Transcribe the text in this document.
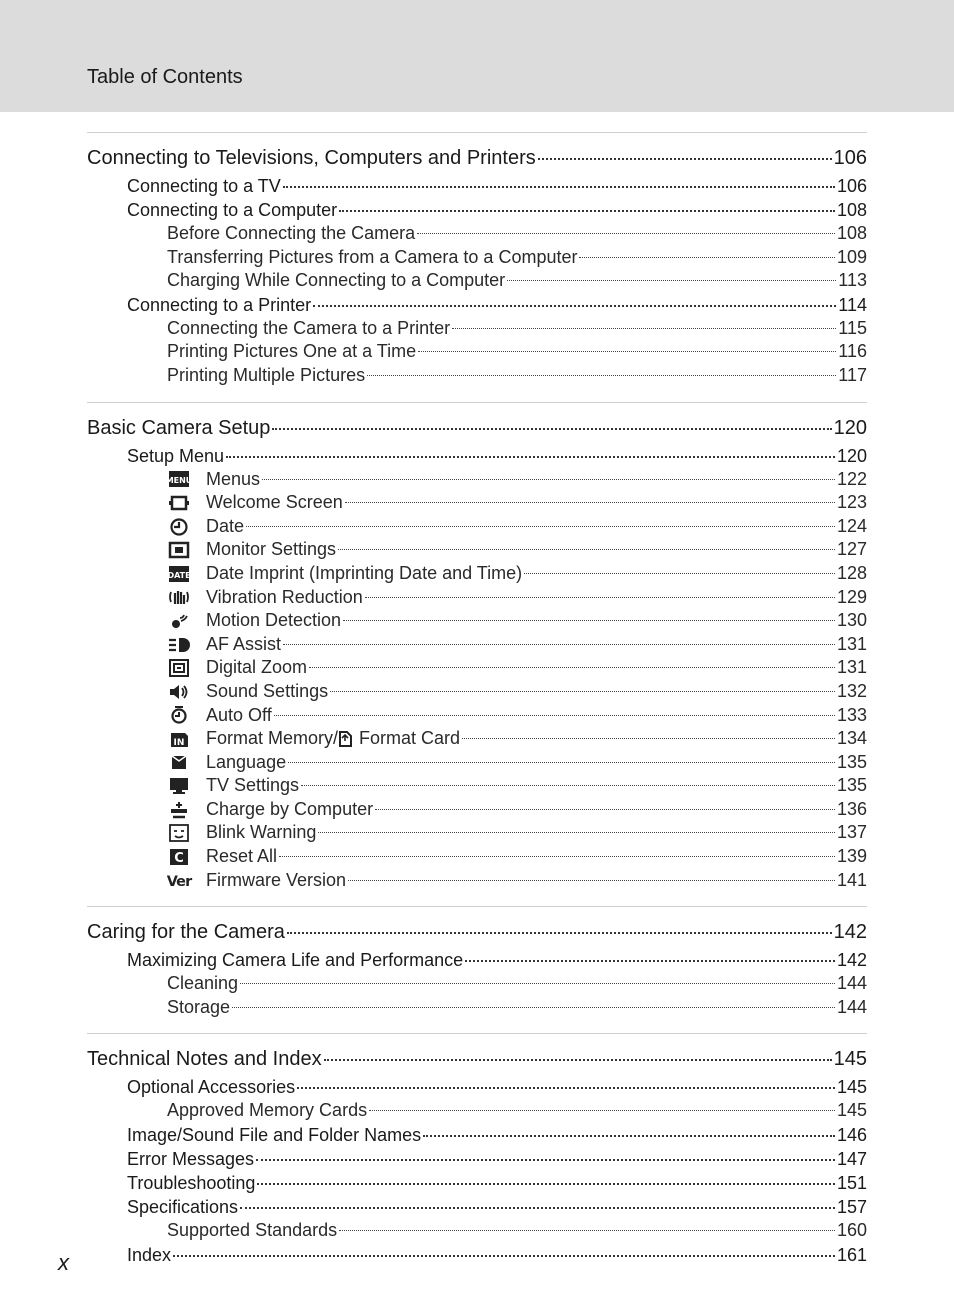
Table of Contents
Connecting to Televisions, Computers and Printers	106
Connecting to a TV	106
Connecting to a Computer	108
Before Connecting the Camera	108
Transferring Pictures from a Camera to a Computer	109
Charging While Connecting to a Computer	113
Connecting to a Printer	114
Connecting the Camera to a Printer	115
Printing Pictures One at a Time	116
Printing Multiple Pictures	117
Basic Camera Setup	120
Setup Menu	120
MENU Menus	122
Welcome Screen	123
Date	124
Monitor Settings	127
DATE Date Imprint (Imprinting Date and Time)	128
Vibration Reduction	129
Motion Detection	130
AF Assist	131
Digital Zoom	131
Sound Settings	132
Auto Off	133
IN Format Memory/ Format Card	134
Language	135
TV Settings	135
Charge by Computer	136
Blink Warning	137
C Reset All	139
Ver Firmware Version	141
Caring for the Camera	142
Maximizing Camera Life and Performance	142
Cleaning	144
Storage	144
Technical Notes and Index	145
Optional Accessories	145
Approved Memory Cards	145
Image/Sound File and Folder Names	146
Error Messages	147
Troubleshooting	151
Specifications	157
Supported Standards	160
Index	161
x
